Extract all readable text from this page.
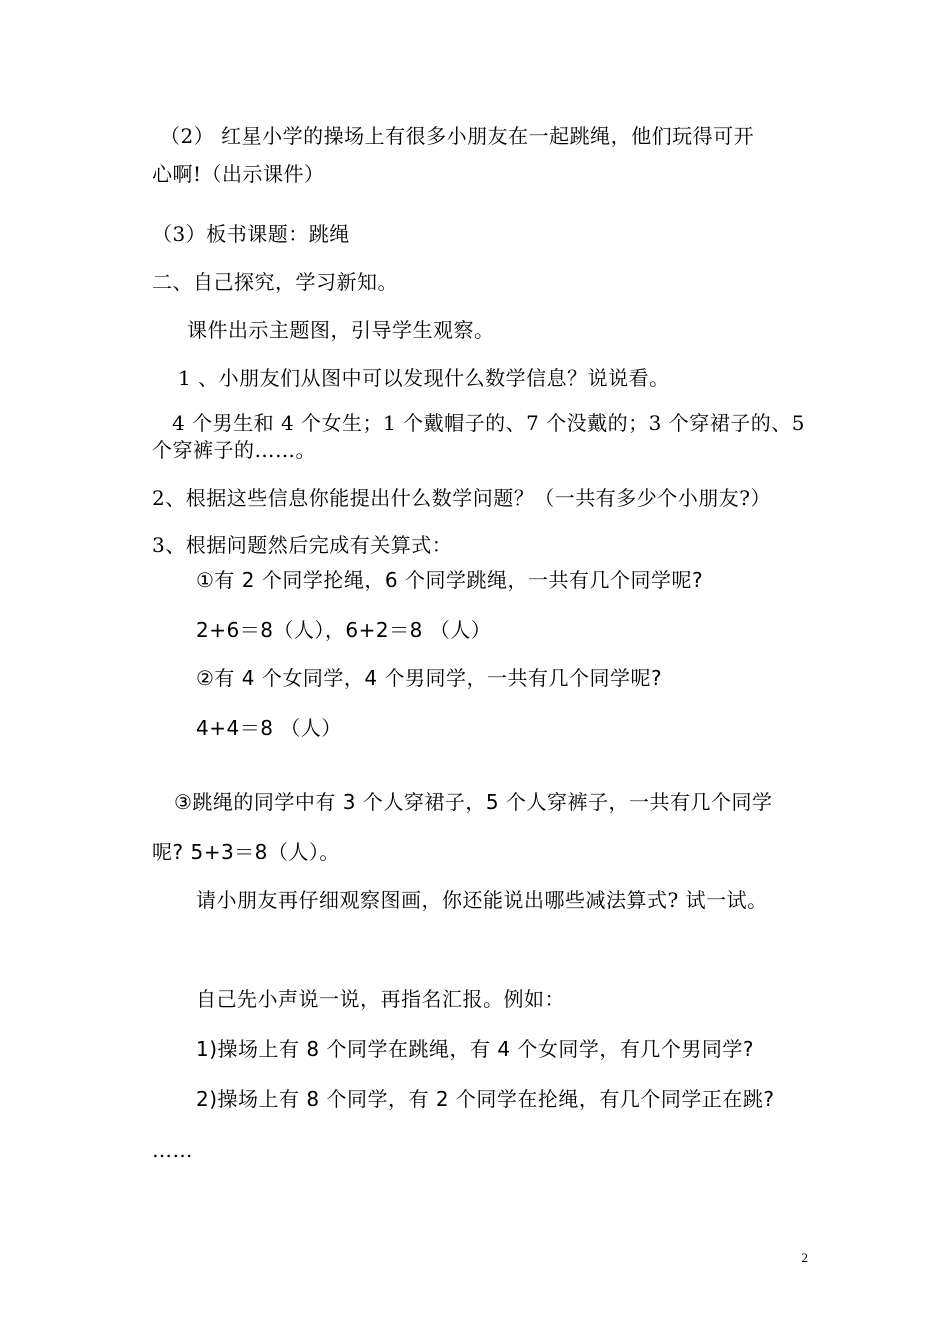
（2） 红星小学的操场上有很多小朋友在一起跳绳，他们玩得可开
心啊!（出示课件）
（3）板书课题：跳绳
二、自己探究，学习新知。
课件出示主题图，引导学生观察。
1 、小朋友们从图中可以发现什么数学信息？说说看。
4 个男生和 4 个女生；1 个戴帽子的、7 个没戴的；3 个穿裙子的、5
个穿裤子的……。
2、根据这些信息你能提出什么数学问题？（一共有多少个小朋友?）
3、根据问题然后完成有关算式：
①有 2 个同学抡绳，6 个同学跳绳，一共有几个同学呢?
2+6＝8（人），6+2＝8 （人）
②有 4 个女同学，4 个男同学，一共有几个同学呢?
4+4＝8 （人）
③跳绳的同学中有 3 个人穿裙子，5 个人穿裤子，一共有几个同学
呢? 5+3＝8（人）。
请小朋友再仔细观察图画，你还能说出哪些减法算式? 试一试。
自己先小声说一说，再指名汇报。例如：
1)操场上有 8 个同学在跳绳，有 4 个女同学，有几个男同学?
2)操场上有 8 个同学，有 2 个同学在抡绳，有几个同学正在跳?
……
2
